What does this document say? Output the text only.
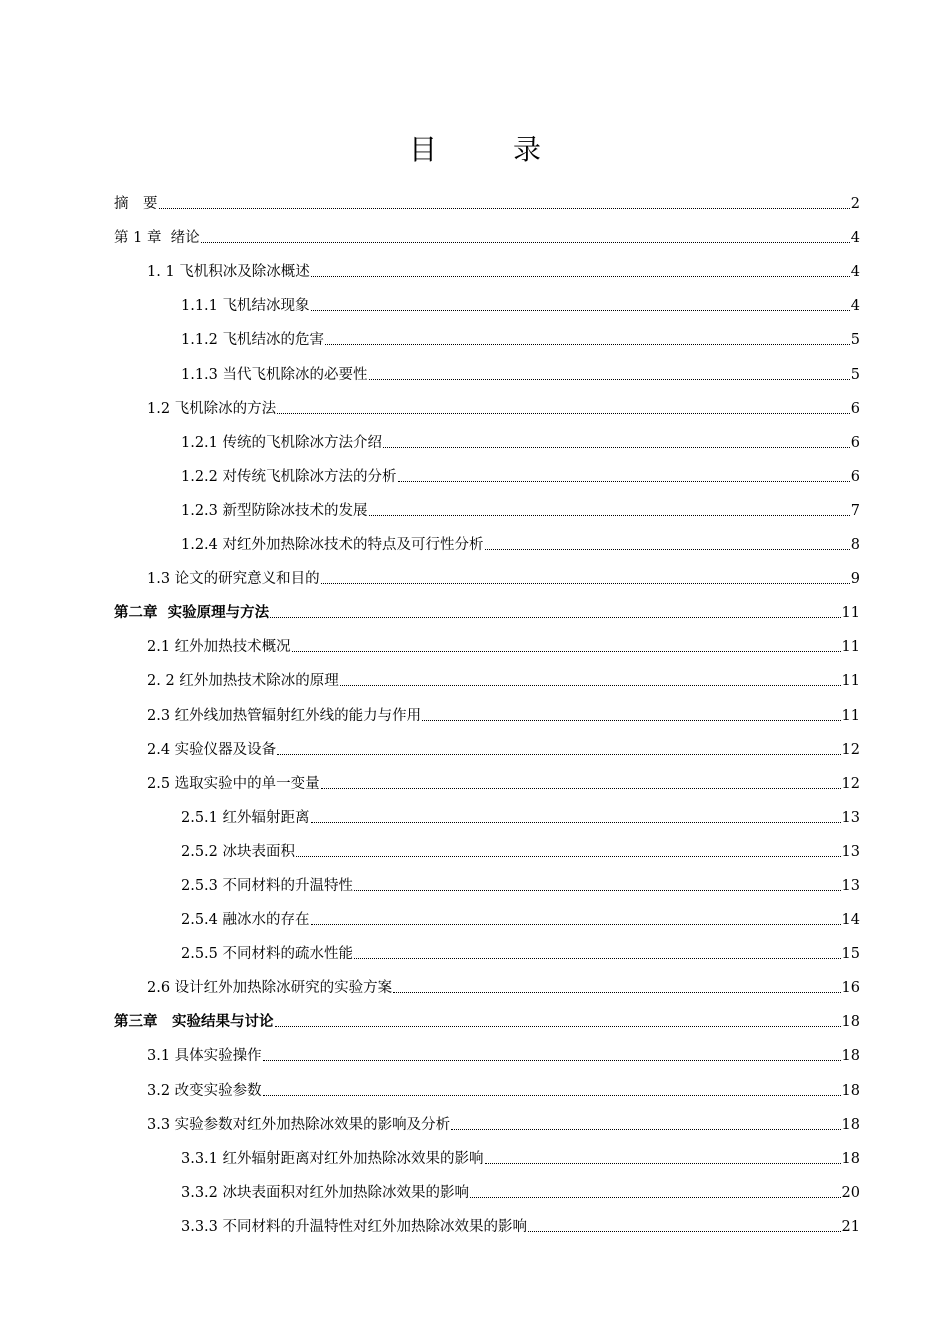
目　录
摘　要	2
第 1 章  绪论	4
1. 1 飞机积冰及除冰概述	4
1.1.1 飞机结冰现象	4
1.1.2 飞机结冰的危害	5
1.1.3 当代飞机除冰的必要性	5
1.2 飞机除冰的方法	6
1.2.1 传统的飞机除冰方法介绍	6
1.2.2 对传统飞机除冰方法的分析	6
1.2.3 新型防除冰技术的发展	7
1.2.4 对红外加热除冰技术的特点及可行性分析	8
1.3 论文的研究意义和目的	9
第二章  实验原理与方法	11
2.1 红外加热技术概况	11
2. 2 红外加热技术除冰的原理	11
2.3 红外线加热管辐射红外线的能力与作用	11
2.4 实验仪器及设备	12
2.5 选取实验中的单一变量	12
2.5.1 红外辐射距离	13
2.5.2 冰块表面积	13
2.5.3 不同材料的升温特性	13
2.5.4 融冰水的存在	14
2.5.5 不同材料的疏水性能	15
2.6 设计红外加热除冰研究的实验方案	16
第三章　实验结果与讨论	18
3.1 具体实验操作	18
3.2 改变实验参数	18
3.3 实验参数对红外加热除冰效果的影响及分析	18
3.3.1 红外辐射距离对红外加热除冰效果的影响	18
3.3.2 冰块表面积对红外加热除冰效果的影响	20
3.3.3 不同材料的升温特性对红外加热除冰效果的影响	21
